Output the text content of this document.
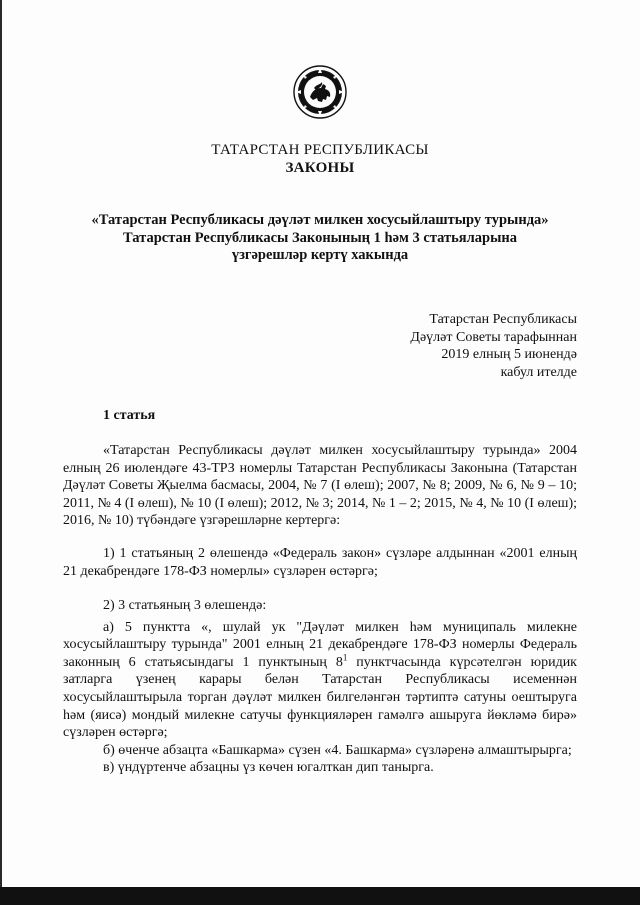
ТАТАРСТАН РЕСПУБЛИКАСЫ
ЗАКОНЫ
«Татарстан Республикасы дәүләт милкен хосусыйлаштыру турында»
Татарстан Республикасы Законының 1 һәм 3 статьяларына
үзгәрешләр кертү хакында
Татарстан Республикасы
Дәүләт Советы тарафыннан
2019 елның 5 июнендә
кабул ителде
1 статья
«Татарстан Республикасы дәүләт милкен хосусыйлаштыру турында» 2004 елның 26 июлендәге 43-ТРЗ номерлы Татарстан Республикасы Законына (Татарстан Дәүләт Советы Җыелма басмасы, 2004, № 7 (I өлеш); 2007, № 8; 2009, № 6, № 9 – 10; 2011, № 4 (I өлеш), № 10 (I өлеш); 2012, № 3; 2014, № 1 – 2; 2015, № 4, № 10 (I өлеш); 2016, № 10) түбәндәге үзгәрешләрне кертергә:
1) 1 статьяның 2 өлешендә «Федераль закон» сүзләре алдыннан «2001 елның 21 декабрендәге 178-ФЗ номерлы» сүзләрен өстәргә;

2) 3 статьяның 3 өлешендә:

а) 5 пунктта «, шулай ук "Дәүләт милкен һәм муниципаль милекне хосусыйлаштыру турында" 2001 елның 21 декабрендәге 178-ФЗ номерлы Федераль законның 6 статьясындагы 1 пунктының $8^1$ пунктчасында күрсәтелгән юридик затларга үзенең карары белән Татарстан Республикасы исеменнән хосусыйлаштырыла торган дәүләт милкен билгеләнгән тәртиптә сатуны оештыруга һәм (яисә) мондый милекне сатучы функцияләрен гамәлгә ашыруга йөкләмә бирә» сүзләрен өстәргә;

б) өченче абзацта «Башкарма» сүзен «4. Башкарма» сүзләренә алмаштырырга;

в) үндүртенче абзацны үз көчен югалткан дип танырга.
